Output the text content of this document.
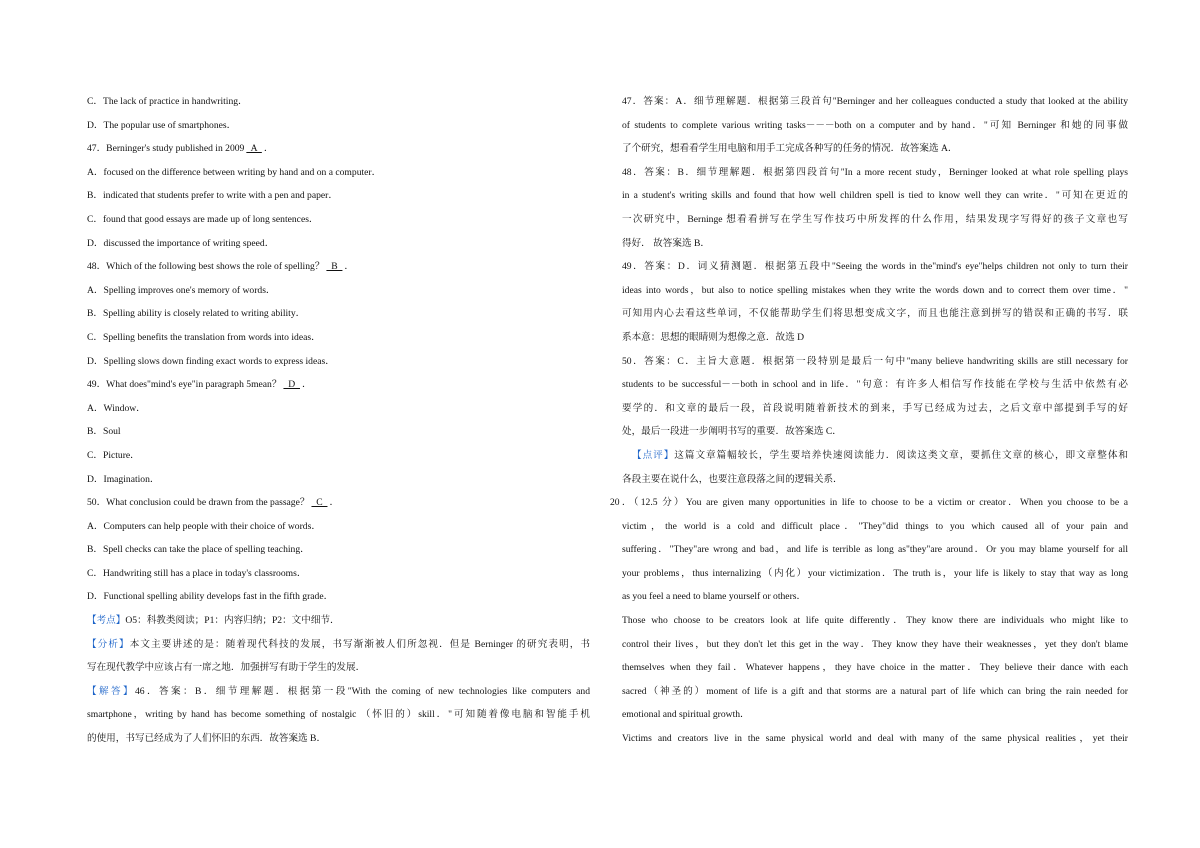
C．The lack of practice in handwriting．
D．The popular use of smartphones．
47．Berninger's study published in 2009  A  ．
A．focused on the difference between writing by hand and on a computer．
B．indicated that students prefer to write with a pen and paper．
C．found that good essays are made up of long sentences．
D．discussed the importance of writing speed．
48．Which of the following best shows the role of spelling？  B  ．
A．Spelling improves one's memory of words．
B．Spelling ability is closely related to writing ability．
C．Spelling benefits the translation from words into ideas．
D．Spelling slows down finding exact words to express ideas．
49．What does"mind's eye"in paragraph 5mean？  D  ．
A．Window．
B．Soul
C．Picture．
D．Imagination．
50．What conclusion could be drawn from the passage？  C  ．
A．Computers can help people with their choice of words．
B．Spell checks can take the place of spelling teaching．
C．Handwriting still has a place in today's classrooms．
D．Functional spelling ability develops fast in the fifth grade．
【考点】O5：科教类阅读；P1：内容归纳；P2：文中细节．
【分析】本文主要讲述的是：随着现代科技的发展，书写渐渐被人们所忽视．但是 Berninger 的研究表明，书
写在现代教学中应该占有一席之地．加强拼写有助于学生的发展．
【解答】46．答案：B．细节理解题．根据第一段"With the coming of new technologies like computers and
smartphone，writing by hand has become something of nostalgic （怀旧的）skill．"可知随着像电脑和智能手机
的使用，书写已经成为了人们怀旧的东西．故答案选 B．
47．答案：A．细节理解题．根据第三段首句"Berninger and her colleagues conducted a study that looked at the ability
of students to complete various writing tasks－－－both on a computer and by hand．"可知 Berninger 和她的同事做
了个研究，想看看学生用电脑和用手工完成各种写的任务的情况．故答案选 A．
48．答案：B．细节理解题．根据第四段首句"In a more recent study，Berninger looked at what role spelling plays
in a student's writing skills and found that how well children spell is tied to know well they can write．"可知在更近的
一次研究中，Berninge 想看看拼写在学生写作技巧中所发挥的什么作用，结果发现字写得好的孩子文章也写
得好． 故答案选 B．
49．答案：D．词义猜测题．根据第五段中"Seeing the words in the"mind's eye"helps children not only to turn their
ideas into words，but also to notice spelling mistakes when they write the words down and to correct them over time．"
可知用内心去看这些单词，不仅能帮助学生们将思想变成文字，而且也能注意到拼写的错误和正确的书写．联
系本意：思想的眼睛则为想像之意．故选 D
50．答案：C．主旨大意题．根据第一段特别是最后一句中"many believe handwriting skills are still necessary for
students to be successful－－both in school and in life．"句意：有许多人相信写作技能在学校与生活中依然有必
要学的．和文章的最后一段，首段说明随着新技术的到来，手写已经成为过去，之后文章中部提到手写的好
处，最后一段进一步阐明书写的重要．故答案选 C．
【点评】这篇文章篇幅较长，学生要培养快速阅读能力．阅读这类文章，要抓住文章的核心，即文章整体和
各段主要在说什么，也要注意段落之间的逻辑关系．
20．（12.5 分）You are given many opportunities in life to choose to be a victim or creator．When you choose to be a
victim，the world is a cold and difficult place．"They"did things to you which caused all of your pain and
suffering．"They"are wrong and bad，and life is terrible as long as"they"are around．Or you may blame yourself for all
your problems，thus internalizing（内化）your victimization．The truth is，your life is likely to stay that way as long
as you feel a need to blame yourself or others．
Those who choose to be creators look at life quite differently．They know there are individuals who might like to
control their lives，but they don't let this get in the way．They know they have their weaknesses，yet they don't blame
themselves when they fail．Whatever happens，they have choice in the matter．They believe their dance with each
sacred（神圣的）moment of life is a gift and that storms are a natural part of life which can bring the rain needed for
emotional and spiritual growth．
Victims and creators live in the same physical world and deal with many of the same physical realities，yet their
